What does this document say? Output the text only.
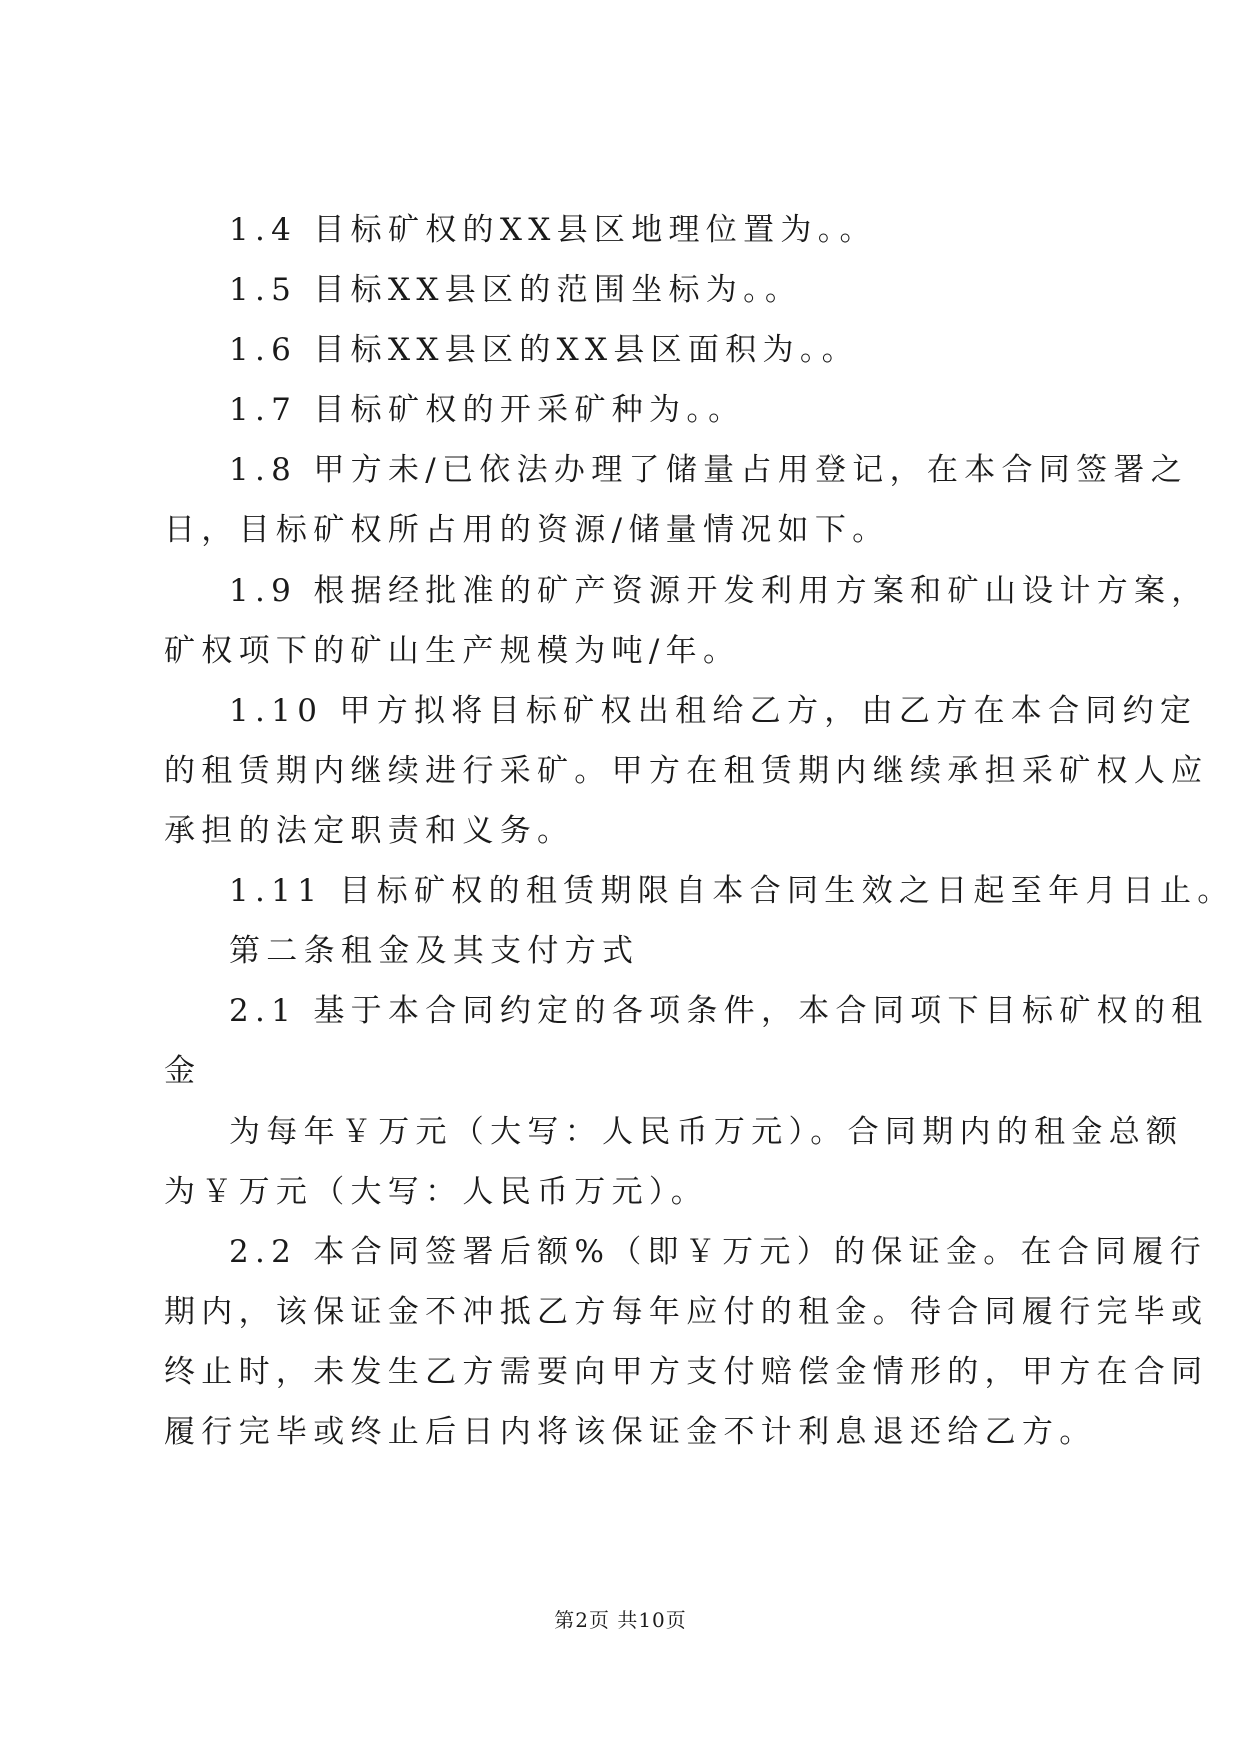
1.4 目标矿权的XX县区地理位置为。。

1.5 目标XX县区的范围坐标为。。

1.6 目标XX县区的XX县区面积为。。

1.7 目标矿权的开采矿种为。。

1.8 甲方未/已依法办理了储量占用登记，在本合同签署之

日，目标矿权所占用的资源/储量情况如下。

1.9 根据经批准的矿产资源开发利用方案和矿山设计方案，

矿权项下的矿山生产规模为吨/年。

1.10 甲方拟将目标矿权出租给乙方，由乙方在本合同约定

的租赁期内继续进行采矿。甲方在租赁期内继续承担采矿权人应

承担的法定职责和义务。

1.11 目标矿权的租赁期限自本合同生效之日起至年月日止。

第二条租金及其支付方式

2.1 基于本合同约定的各项条件，本合同项下目标矿权的租

金

为每年￥万元（大写：人民币万元）。合同期内的租金总额

为￥万元（大写：人民币万元）。

2.2 本合同签署后额%（即￥万元）的保证金。在合同履行

期内，该保证金不冲抵乙方每年应付的租金。待合同履行完毕或

终止时，未发生乙方需要向甲方支付赔偿金情形的，甲方在合同

履行完毕或终止后日内将该保证金不计利息退还给乙方。

第2页 共10页
